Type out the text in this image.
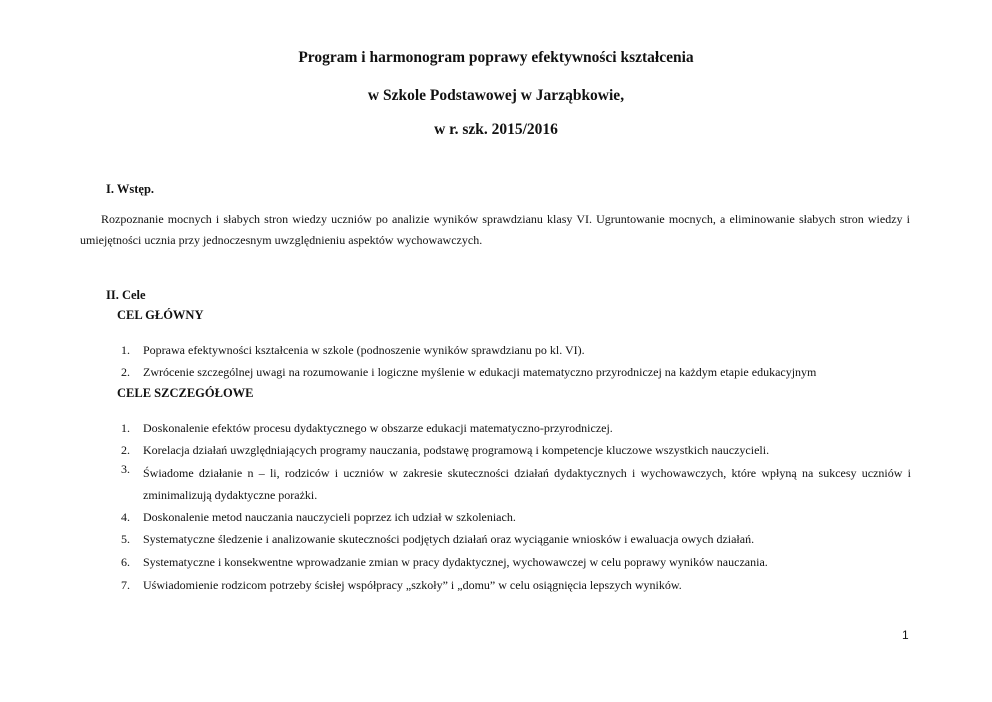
Program i harmonogram poprawy efektywności kształcenia
w Szkole Podstawowej w Jarząbkowie,
w r. szk. 2015/2016
I. Wstęp.
Rozpoznanie mocnych i słabych stron wiedzy uczniów po analizie wyników sprawdzianu klasy VI. Ugruntowanie mocnych, a eliminowanie słabych stron wiedzy i umiejętności ucznia przy jednoczesnym uwzględnieniu aspektów wychowawczych.
II. Cele
CEL GŁÓWNY
1.	Poprawa efektywności kształcenia w szkole (podnoszenie wyników sprawdzianu po kl. VI).
2.	Zwrócenie szczególnej uwagi na rozumowanie i logiczne myślenie w edukacji matematyczno przyrodniczej na każdym etapie edukacyjnym
CELE SZCZEGÓŁOWE
1.	Doskonalenie efektów procesu dydaktycznego w obszarze edukacji matematyczno-przyrodniczej.
2.	Korelacja działań uwzględniających programy nauczania, podstawę programową i kompetencje kluczowe wszystkich nauczycieli.
3.	Świadome działanie n – li, rodziców i uczniów w zakresie skuteczności działań dydaktycznych i wychowawczych, które wpłyną na sukcesy uczniów i zminimalizują dydaktyczne porażki.
4.	Doskonalenie metod nauczania nauczycieli poprzez ich udział w szkoleniach.
5.	Systematyczne śledzenie i analizowanie skuteczności podjętych działań oraz wyciąganie wniosków i ewaluacja owych działań.
6.	Systematyczne i konsekwentne wprowadzanie zmian w pracy dydaktycznej, wychowawczej w celu poprawy wyników nauczania.
7.	Uświadomienie rodzicom potrzeby ścisłej współpracy „szkoły” i „domu” w celu osiągnięcia lepszych wyników.
1
